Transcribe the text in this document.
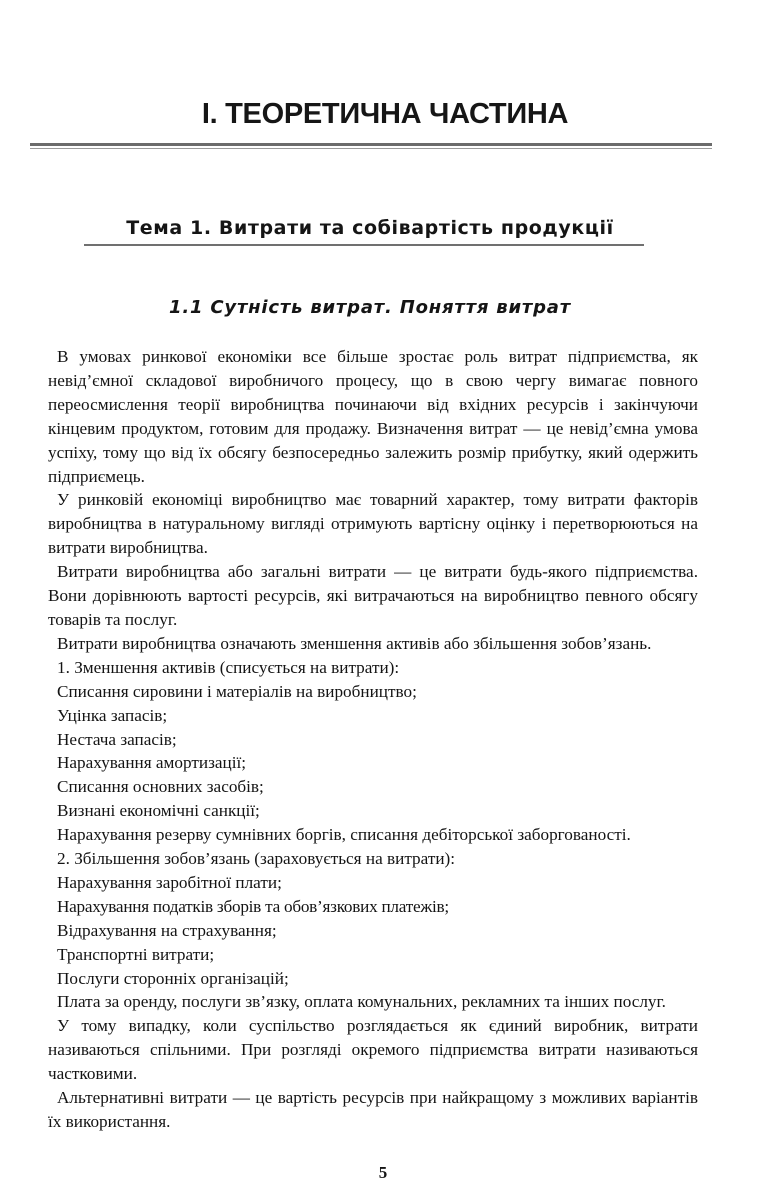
I. ТЕОРЕТИЧНА ЧАСТИНА
Тема 1. Витрати та собівартість продукції
1.1 Сутність витрат. Поняття витрат

В умовах ринкової економіки все більше зростає роль витрат підприємства, як невід’ємної складової виробничого процесу, що в свою чергу вимагає повного переосмислення теорії виробництва починаючи від вхідних ресурсів і закінчуючи кінцевим продуктом, готовим для продажу. Визначення витрат — це невід’ємна умова успіху, тому що від їх обсягу безпосередньо залежить розмір прибутку, який одержить підприємець.

У ринковій економіці виробництво має товарний характер, тому витрати факторів виробництва в натуральному вигляді отримують вартісну оцінку і перетворюються на витрати виробництва.

Витрати виробництва або загальні витрати — це витрати будь-якого підприємства. Вони дорівнюють вартості ресурсів, які витрачаються на виробництво певного обсягу товарів та послуг.

Витрати виробництва означають зменшення активів або збільшення зобов’язань.

1. Зменшення активів (списується на витрати):

Списання сировини і матеріалів на виробництво;

Уцінка запасів;

Нестача запасів;

Нарахування амортизації;

Списання основних засобів;

Визнані економічні санкції;

Нарахування резерву сумнівних боргів, списання дебіторської заборгованості.

2. Збільшення зобов’язань (зараховується на витрати):

Нарахування заробітної плати;

Нарахування податків зборів та обов’язкових платежів;

Відрахування на страхування;

Транспортні витрати;

Послуги сторонніх організацій;

Плата за оренду, послуги зв’язку, оплата комунальних, рекламних та інших послуг.

У тому випадку, коли суспільство розглядається як єдиний виробник, витрати називаються спільними. При розгляді окремого підприємства витрати називаються частковими.

Альтернативні витрати — це вартість ресурсів при найкращому з можливих варіантів їх використання.

5
